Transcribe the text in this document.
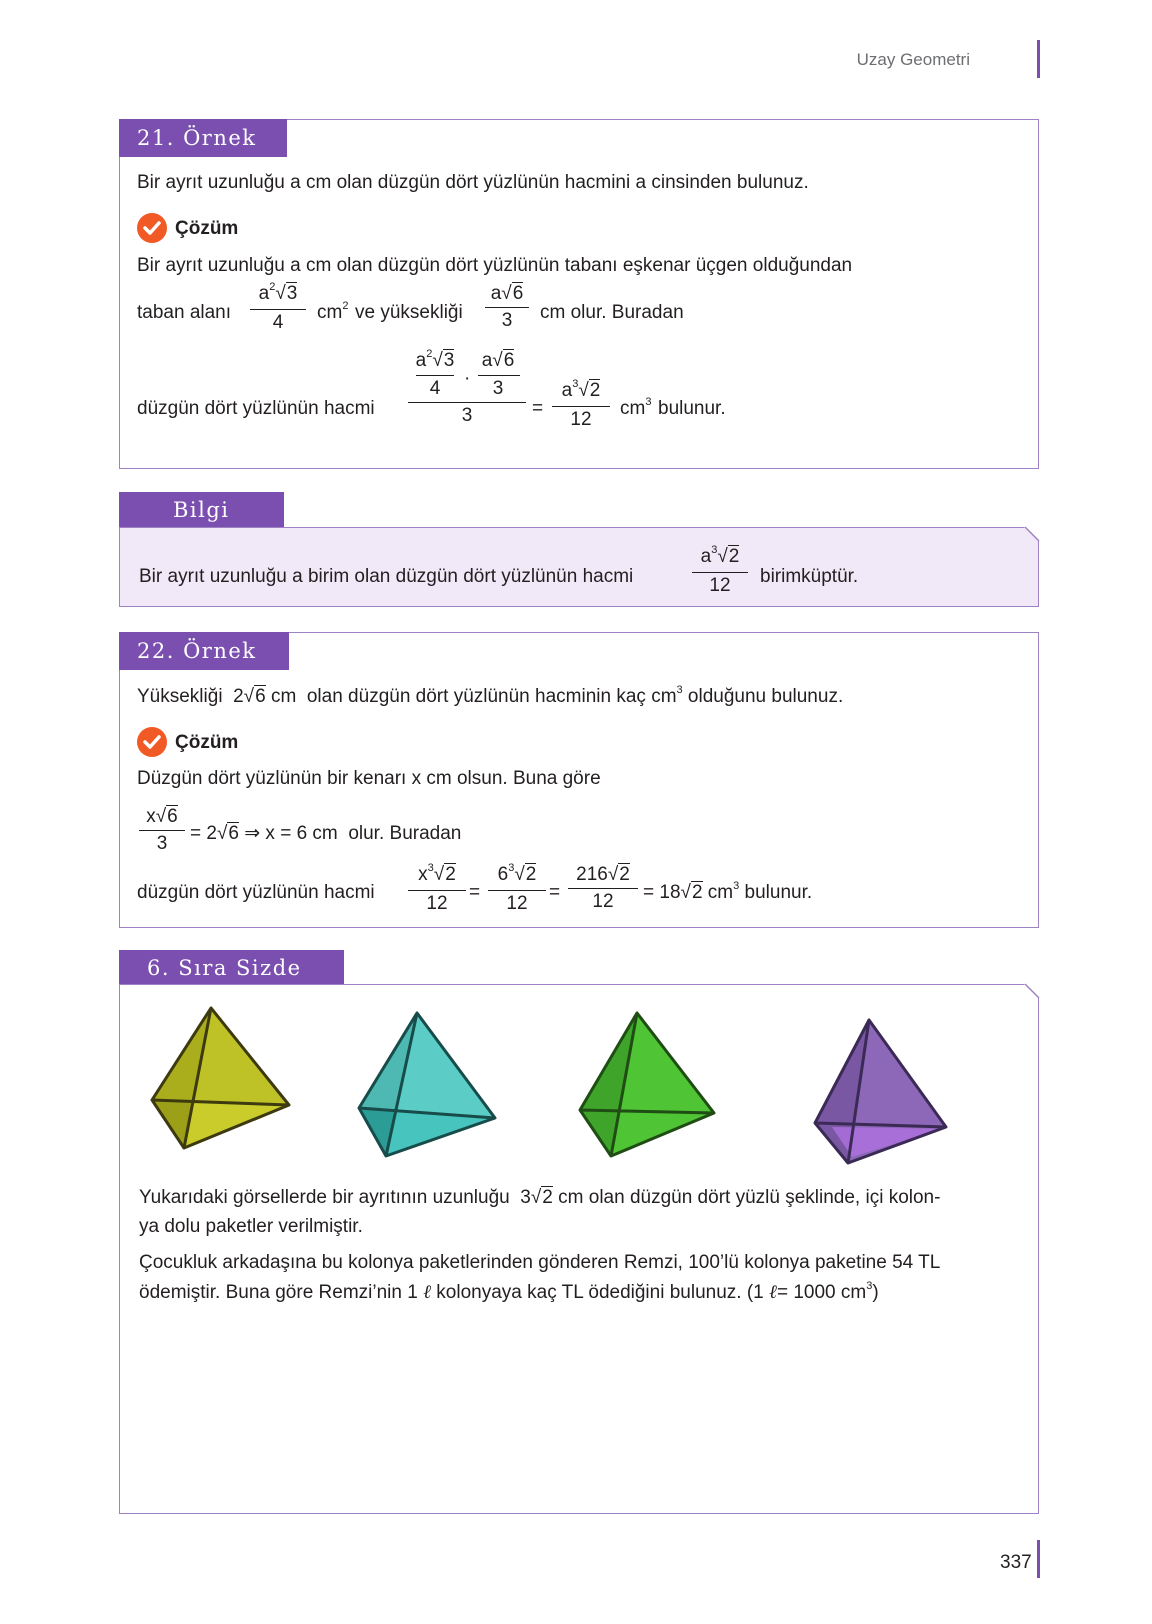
Uzay Geometri
21. Örnek
Bir ayrıt uzunluğu a cm olan düzgün dört yüzlünün hacmini a cinsinden bulunuz.
Çözüm
Bir ayrıt uzunluğu a cm olan düzgün dört yüzlünün tabanı eşkenar üçgen olduğundan
taban alanı
$a^2√3$
4	$cm^2$ ve yüksekliği
a√6
3	cm olur. Buradan
düzgün dört yüzlünün hacmi
$a^2√3$
4	·
a√6
3
3	=
$a^3√2$
12
$cm^3$ bulunur.
Bilgi
Bir ayrıt uzunluğu a birim olan düzgün dört yüzlünün hacmi
$a^3√2$
12	birimküptür.
22. Örnek
Yüksekliği  2√6 cm olan düzgün dört yüzlünün hacminin kaç $cm^3$ olduğunu bulunuz.
Çözüm
Düzgün dört yüzlünün bir kenarı x cm olsun. Buna göre
x√6
3	= 2√6 ⇒ x = 6 cm  olur. Buradan
düzgün dört yüzlünün hacmi
$x^3√2$
12
=
$6^3√2$
12
=
216√2
12	= 18√2 $cm^3$ bulunur.
6. Sıra Sizde
Yukarıdaki görsellerde bir ayrıtının uzunluğu  3√2 cm olan düzgün dört yüzlü şeklinde, içi kolon-
ya dolu paketler verilmiştir.
Çocukluk arkadaşına bu kolonya paketlerinden gönderen Remzi, 100’lü kolonya paketine 54 TL
ödemiştir. Buna göre Remzi’nin 1 ℓ kolonyaya kaç TL ödediğini bulunuz. (1 ℓ= 1000 $cm^3$)
337
